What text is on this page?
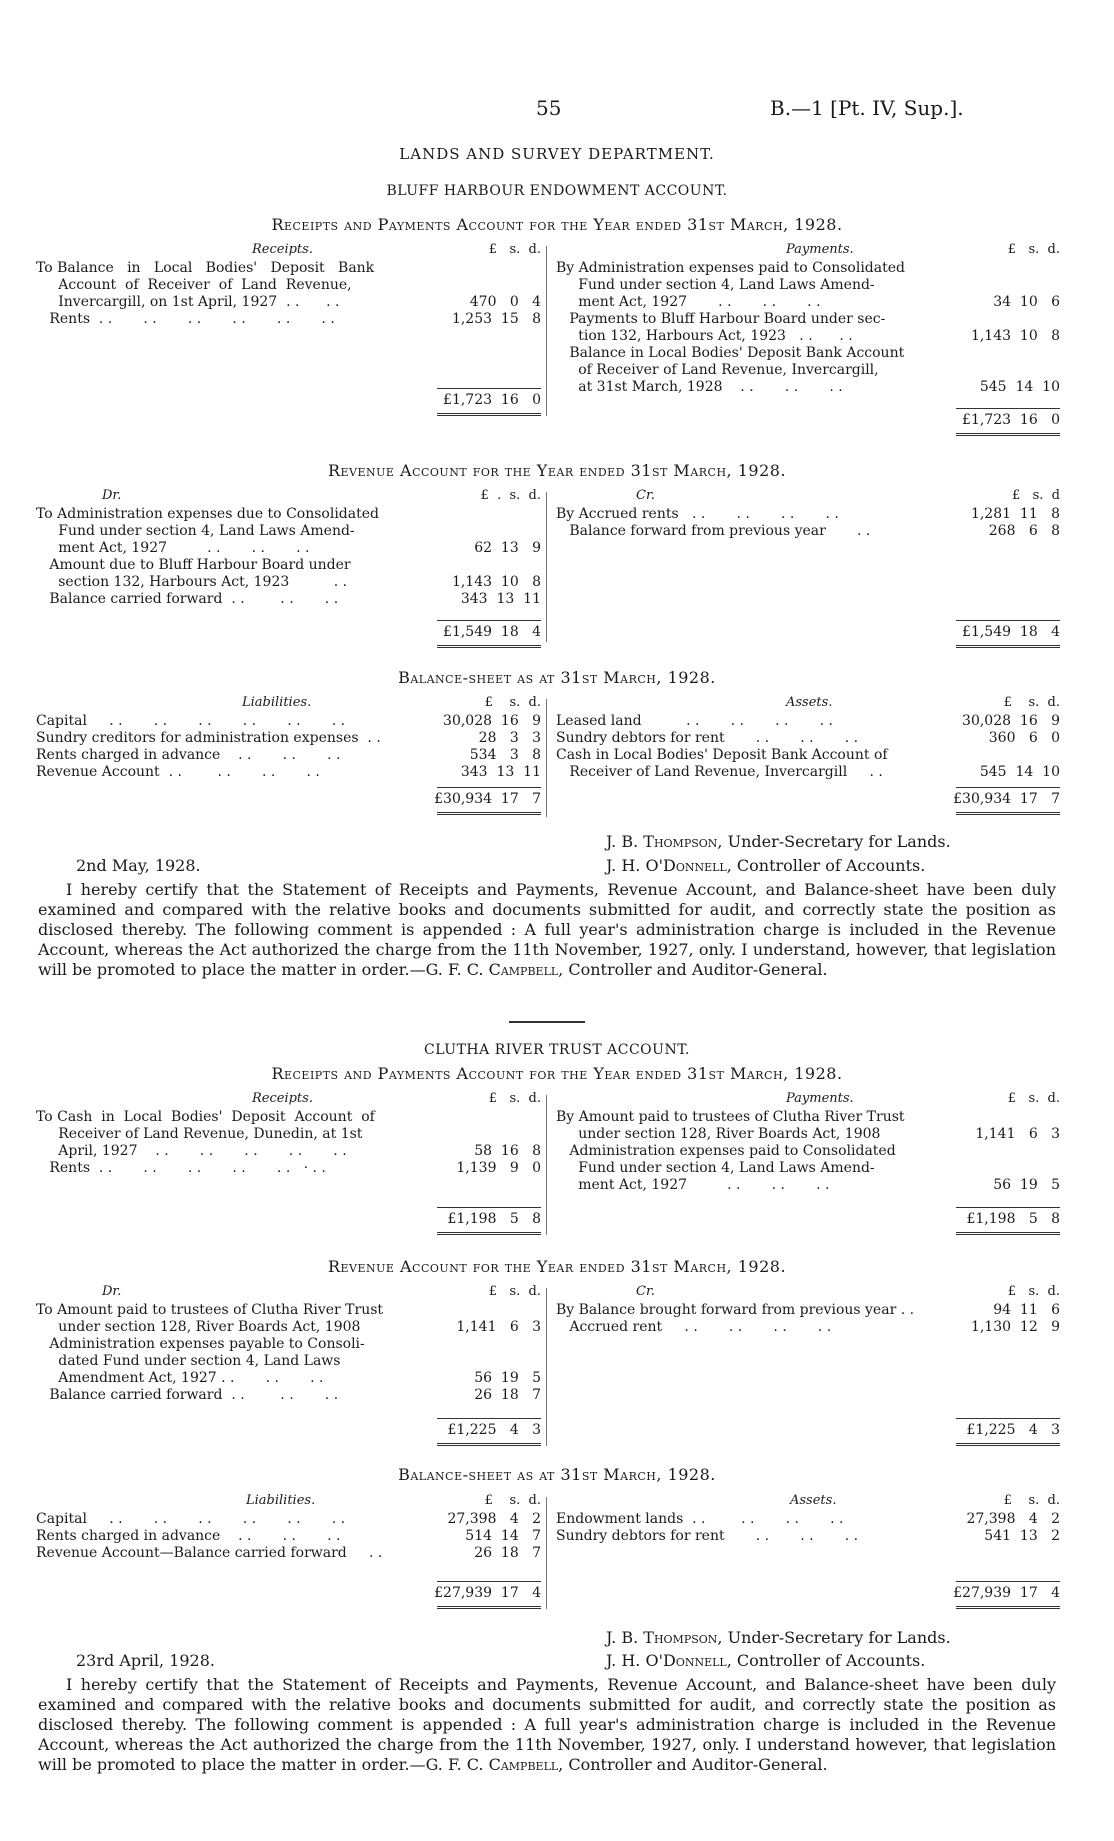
55	B.—1 [Pt. IV, Sup.].
LANDS AND SURVEY DEPARTMENT.
BLUFF HARBOUR ENDOWMENT ACCOUNT.
Receipts and Payments Account for the Year ended 31st March, 1928.
Receipts.	£   s.  d.
To Balance   in   Local   Bodies'   Deposit   Bank
Account  of  Receiver  of  Land  Revenue,
Invercargill, on 1st April, 1927  . .      . .	470   0   4
Rents  . .       . .       . .       . .       . .       . .	1,253  15   8
£1,723  16   0
Payments.	£   s.  d.
By Administration expenses paid to Consolidated
Fund under section 4, Land Laws Amend-
ment Act, 1927       . .       . .       . .	34  10   6
Payments to Bluff Harbour Board under sec-
tion 132, Harbours Act, 1923   . .      . .	1,143  10   8
Balance in Local Bodies' Deposit Bank Account
of Receiver of Land Revenue, Invercargill,
at 31st March, 1928    . .       . .       . .	545  14  10
£1,723  16   0
Revenue Account for the Year ended 31st March, 1928.
Dr.	£  .  s.  d.
To Administration expenses due to Consolidated
Fund under section 4, Land Laws Amend-
ment Act, 1927         . .       . .       . .	62  13   9
Amount due to Bluff Harbour Board under
section 132, Harbours Act, 1923          . .	1,143  10   8
Balance carried forward  . .        . .       . .	343  13  11
£1,549  18   4
Cr.	£   s.  d
By Accrued rents   . .       . .       . .       . .	1,281  11   8
Balance forward from previous year       . .	268   6   8
£1,549  18   4
Balance-sheet as at 31st March, 1928.
Liabilities.	£    s.  d.
Capital     . .       . .       . .       . .       . .       . .	30,028  16   9
Sundry creditors for administration expenses  . .	28   3   3
Rents charged in advance    . .       . .       . .	534   3   8
Revenue Account  . .        . .       . .       . .	343  13  11
£30,934  17   7
Assets.	£    s.  d.
Leased land          . .       . .       . .       . .	30,028  16   9
Sundry debtors for rent       . .       . .       . .	360   6   0
Cash in Local Bodies' Deposit Bank Account of
Receiver of Land Revenue, Invercargill     . .	545  14  10
£30,934  17   7
J. B. Thompson, Under-Secretary for Lands.
2nd May, 1928.	J. H. O'Donnell, Controller of Accounts.
I hereby certify that the Statement of Receipts and Payments, Revenue Account, and Balance-sheet have been duly examined and compared with the relative books and documents submitted for audit, and correctly state the position as disclosed thereby. The following comment is appended : A full year's administration charge is included in the Revenue Account, whereas the Act authorized the charge from the 11th November, 1927, only. I understand, however, that legislation will be promoted to place the matter in order.—G. F. C. Campbell, Controller and Auditor-General.
CLUTHA RIVER TRUST ACCOUNT.
Receipts and Payments Account for the Year ended 31st March, 1928.
Receipts.	£   s.  d.
To Cash  in  Local  Bodies'  Deposit  Account  of
Receiver of Land Revenue, Dunedin, at 1st
April, 1927    . .       . .       . .       . .       . .	58  16   8
Rents  . .       . .       . .       . .       . .   · . .	1,139   9   0
£1,198   5   8
Payments.	£   s.  d.
By Amount paid to trustees of Clutha River Trust
under section 128, River Boards Act, 1908	1,141   6   3
Administration expenses paid to Consolidated
Fund under section 4, Land Laws Amend-
ment Act, 1927         . .       . .       . .	56  19   5
£1,198   5   8
Revenue Account for the Year ended 31st March, 1928.
Dr.	£   s.  d.
To Amount paid to trustees of Clutha River Trust
under section 128, River Boards Act, 1908	1,141   6   3
Administration expenses payable to Consoli-
dated Fund under section 4, Land Laws
Amendment Act, 1927 . .       . .       . .	56  19   5
Balance carried forward  . .        . .       . .	26  18   7
£1,225   4   3
Cr.	£   s.  d.
By Balance brought forward from previous year . .	94  11   6
Accrued rent     . .       . .       . .       . .	1,130  12   9
£1,225   4   3
Balance-sheet as at 31st March, 1928.
Liabilities.	£    s.  d.
Capital     . .       . .       . .       . .       . .       . .	27,398   4   2
Rents charged in advance    . .       . .       . .	514  14   7
Revenue Account—Balance carried forward     . .	26  18   7
£27,939  17   4
Assets.	£    s.  d.
Endowment lands  . .        . .       . .       . .	27,398   4   2
Sundry debtors for rent       . .       . .       . .	541  13   2
£27,939  17   4
J. B. Thompson, Under-Secretary for Lands.
23rd April, 1928.	J. H. O'Donnell, Controller of Accounts.
I hereby certify that the Statement of Receipts and Payments, Revenue Account, and Balance-sheet have been duly examined and compared with the relative books and documents submitted for audit, and correctly state the position as disclosed thereby. The following comment is appended : A full year's administration charge is included in the Revenue Account, whereas the Act authorized the charge from the 11th November, 1927, only. I understand however, that legislation will be promoted to place the matter in order.—G. F. C. Campbell, Controller and Auditor-General.
